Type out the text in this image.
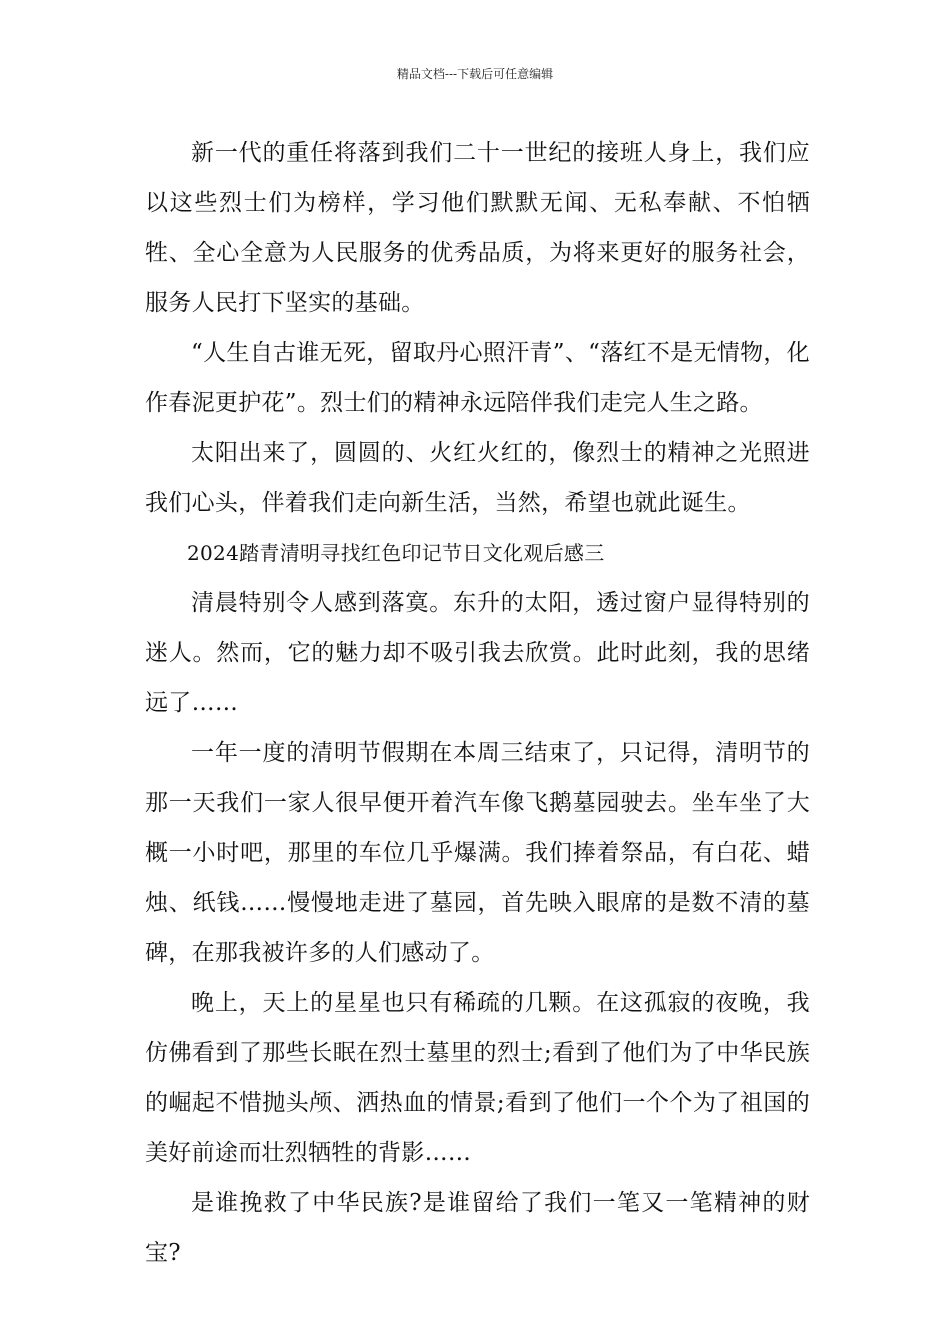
精品文档---下载后可任意编辑

新一代的重任将落到我们二十一世纪的接班人身上，我们应以这些烈士们为榜样，学习他们默默无闻、无私奉献、不怕牺牲、全心全意为人民服务的优秀品质，为将来更好的服务社会，服务人民打下坚实的基础。

“人生自古谁无死，留取丹心照汗青”、“落红不是无情物，化作春泥更护花”。烈士们的精神永远陪伴我们走完人生之路。

太阳出来了，圆圆的、火红火红的，像烈士的精神之光照进我们心头，伴着我们走向新生活，当然，希望也就此诞生。

2024踏青清明寻找红色印记节日文化观后感三

清晨特别令人感到落寞。东升的太阳，透过窗户显得特别的迷人。然而，它的魅力却不吸引我去欣赏。此时此刻，我的思绪远了……

一年一度的清明节假期在本周三结束了，只记得，清明节的那一天我们一家人很早便开着汽车像飞鹅墓园驶去。坐车坐了大概一小时吧，那里的车位几乎爆满。我们捧着祭品，有白花、蜡烛、纸钱……慢慢地走进了墓园，首先映入眼席的是数不清的墓碑，在那我被许多的人们感动了。

晚上，天上的星星也只有稀疏的几颗。在这孤寂的夜晚，我仿佛看到了那些长眠在烈士墓里的烈士;看到了他们为了中华民族的崛起不惜抛头颅、洒热血的情景;看到了他们一个个为了祖国的美好前途而壮烈牺牲的背影……

是谁挽救了中华民族?是谁留给了我们一笔又一笔精神的财宝?
